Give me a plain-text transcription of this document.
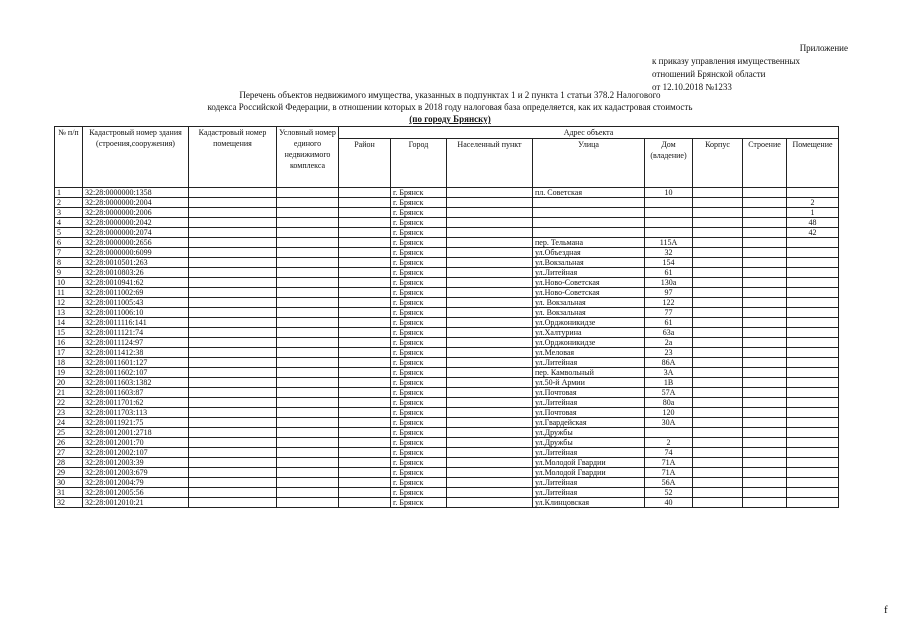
Приложение
к приказу управления имущественных
отношений Брянской области
от 12.10.2018 №1233
Перечень объектов недвижимого имущества, указанных в подпунктах 1 и 2 пункта 1 статьи 378.2 Налогового
кодекса Российской Федерации, в отношении которых в 2018 году налоговая база определяется, как их кадастровая стоимость
(по городу Брянску)
№ п/п	Кадастровый номер здания (строения,сооружения)	Кадастровый номер помещения	Условный номер единого недвижимого комплекса	Адрес объекта							
				Район	Город	Населенный пункт	Улица	Дом (владение)	Корпус	Строение	Помещение
1	32:28:0000000:1358				г. Брянск		пл. Советская	10			
2	32:28:0000000:2004				г. Брянск						2
3	32:28:0000000:2006				г. Брянск						1
4	32:28:0000000:2042				г. Брянск						48
5	32:28:0000000:2074				г. Брянск						42
6	32:28:0000000:2656				г. Брянск		пер. Тельмана	115А			
7	32:28:0000000:6099				г. Брянск		ул.Объездная	32			
8	32:28:0010501:263				г. Брянск		ул.Вокзальная	154			
9	32:28:0010803:26				г. Брянск		ул.Литейная	61			
10	32:28:0010941:62				г. Брянск		ул.Ново-Советская	130а			
11	32:28:0011002:69				г. Брянск		ул.Ново-Советская	97			
12	32:28:0011005:43				г. Брянск		ул. Вокзальная	122			
13	32:28:0011006:10				г. Брянск		ул. Вокзальная	77			
14	32:28:0011116:141				г. Брянск		ул.Орджоникидзе	61			
15	32:28:0011121:74				г. Брянск		ул.Халтурина	63а			
16	32:28:0011124:97				г. Брянск		ул.Орджоникидзе	2а			
17	32:28:0011412:38				г. Брянск		ул.Меловая	23			
18	32:28:0011601:127				г. Брянск		ул.Литейная	86А			
19	32:28:0011602:107				г. Брянск		пер. Камвольный	3А			
20	32:28:0011603:1382				г. Брянск		ул.50-й Армии	1В			
21	32:28:0011603:87				г. Брянск		ул.Почтовая	57А			
22	32:28:0011701:62				г. Брянск		ул.Литейная	80а			
23	32:28:0011703:113				г. Брянск		ул.Почтовая	120			
24	32:28:0011921:75				г. Брянск		ул.Гвардейская	30А			
25	32:28:0012001:2718				г. Брянск		ул.Дружбы				
26	32:28:0012001:70				г. Брянск		ул.Дружбы	2			
27	32:28:0012002:107				г. Брянск		ул.Литейная	74			
28	32:28:0012003:39				г. Брянск		ул.Молодой Гвардии	71А			
29	32:28:0012003:679				г. Брянск		ул.Молодой Гвардии	71А			
30	32:28:0012004:79				г. Брянск		ул.Литейная	56А			
31	32:28:0012005:56				г. Брянск		ул.Литейная	52			
32	32:28:0012010:21				г. Брянск		ул.Клинцовская	40			
f
